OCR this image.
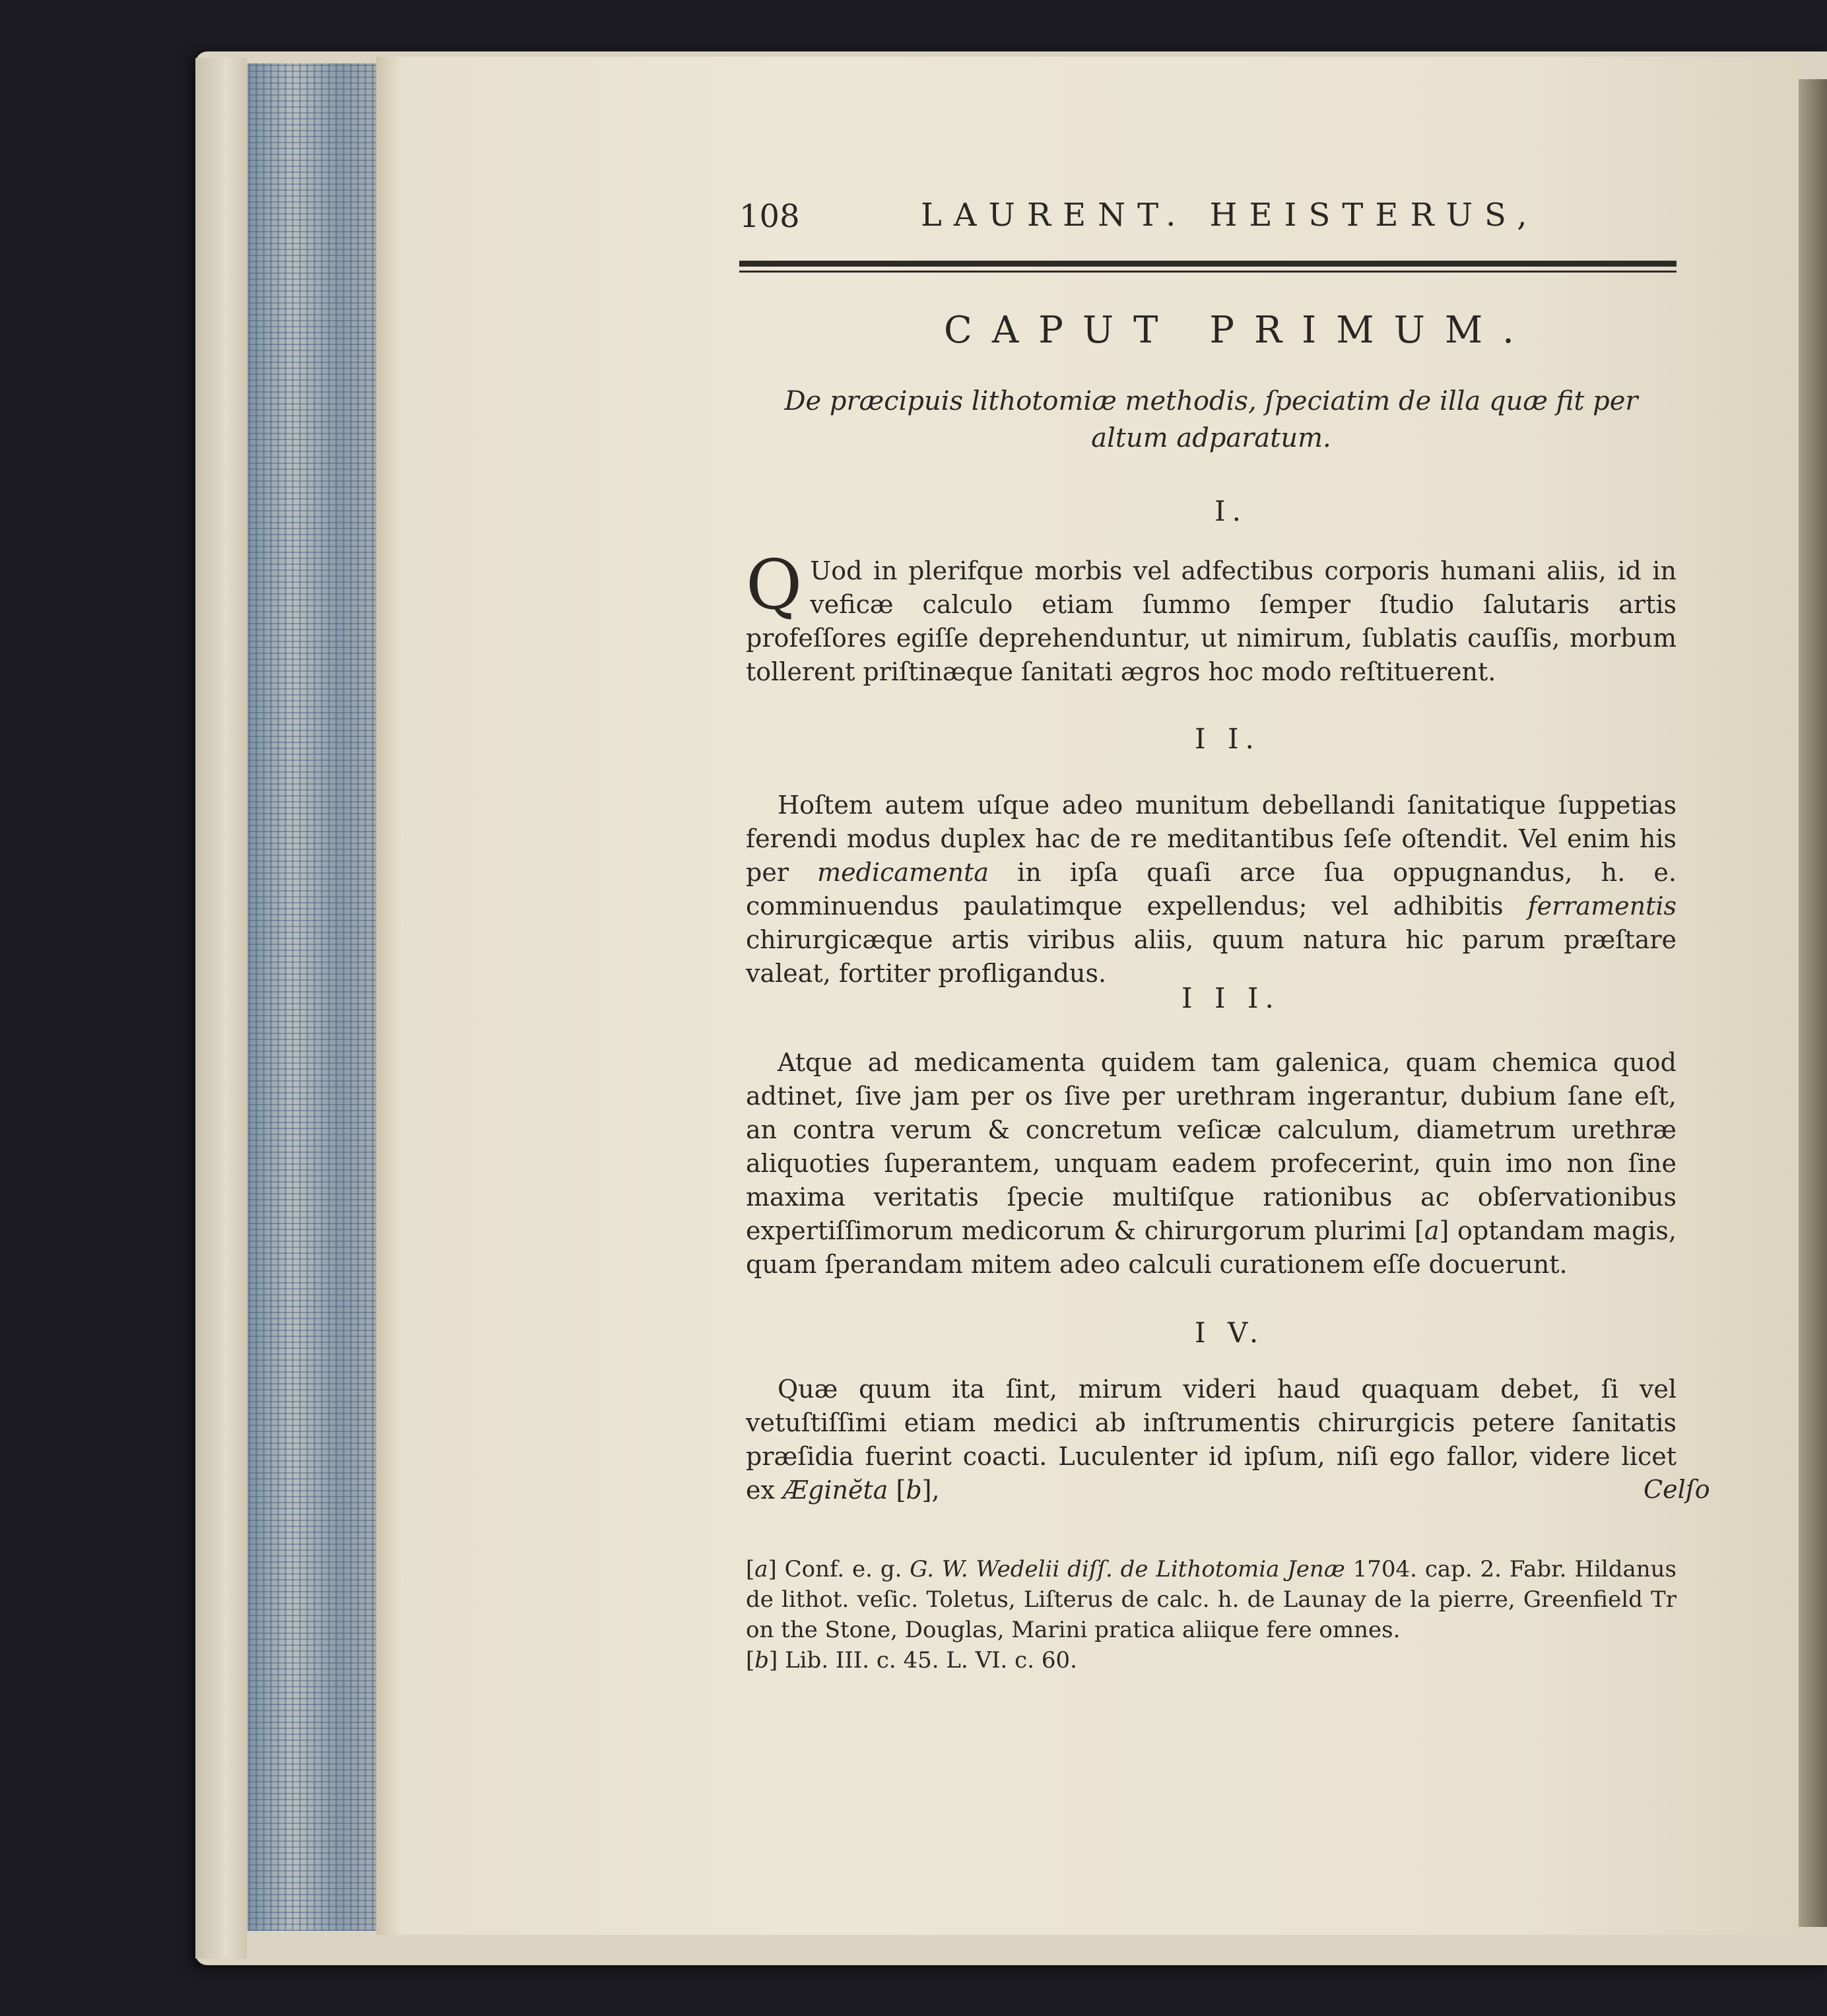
108	LAURENT. HEISTERUS,
CAPUT PRIMUM.
De præcipuis lithotomiæ methodis, ſpeciatim de illa quæ fit per altum adparatum.
I.
Q Uod in plerifque morbis vel adfectibus corporis humani aliis, id in veficæ calculo etiam ſummo ſemper ſtudio ſalutaris artis profeſſores egiſſe deprehenduntur, ut nimirum, ſublatis cauſſis, morbum tollerent priſtinæque ſanitati ægros hoc modo reſtituerent.
I I.
Hoſtem autem uſque adeo munitum debellandi ſanitatique ſuppetias ferendi modus duplex hac de re meditantibus ſeſe oſtendit. Vel enim his per medicamenta in ipſa quaſi arce ſua oppugnandus, h. e. comminuendus paulatimque expellendus; vel adhibitis ferramentis chirurgicæque artis viribus aliis, quum natura hic parum præſtare valeat, fortiter profligandus.
I I I.
Atque ad medicamenta quidem tam galenica, quam chemica quod adtinet, ſive jam per os ſive per urethram ingerantur, dubium ſane eſt, an contra verum & concretum veſicæ calculum, diametrum urethræ aliquoties ſuperantem, unquam eadem profecerint, quin imo non ſine maxima veritatis ſpecie multiſque rationibus ac obſervationibus expertiſſimorum medicorum & chirurgorum plurimi [a] optandam magis, quam ſperandam mitem adeo calculi curationem eſſe docuerunt.
I V.
Quæ quum ita ſint, mirum videri haud quaquam debet, ſi vel vetuſtiſſimi etiam medici ab inſtrumentis chirurgicis petere ſanitatis præſidia fuerint coacti. Luculenter id ipſum, niſi ego fallor, videre licet ex Æginĕta [b],	Celſo

[a] Conf. e. g. G. W. Wedelii diſſ. de Lithotomia Jenæ 1704. cap. 2. Fabr. Hildanus de lithot. veſic. Toletus, Liſterus de calc. h. de Launay de la pierre, Greenfield Tr on the Stone, Douglas, Marini pratica aliique fere omnes.

[b] Lib. III. c. 45. L. VI. c. 60.
